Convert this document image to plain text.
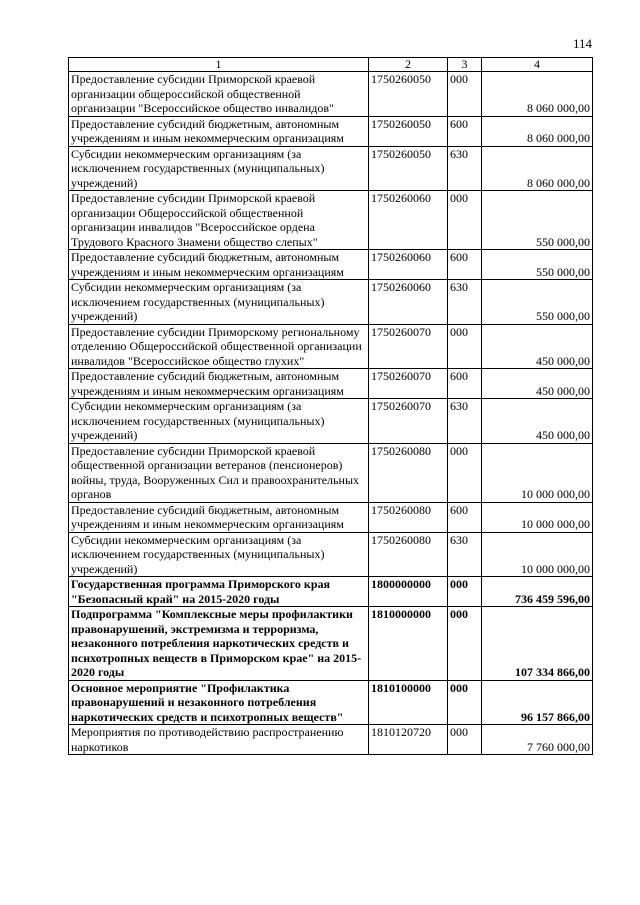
114
1	2	3	4
Предоставление субсидии Приморской краевой организации общероссийской общественной организации "Всероссийское общество инвалидов"	1750260050	000	8 060 000,00
Предоставление субсидий бюджетным, автономным учреждениям и иным некоммерческим организациям	1750260050	600	8 060 000,00
Субсидии некоммерческим организациям (за исключением государственных (муниципальных) учреждений)	1750260050	630	8 060 000,00
Предоставление субсидии Приморской краевой организации Общероссийской общественной организации инвалидов "Всероссийское ордена Трудового Красного Знамени общество слепых"	1750260060	000	550 000,00
Предоставление субсидий бюджетным, автономным учреждениям и иным некоммерческим организациям	1750260060	600	550 000,00
Субсидии некоммерческим организациям (за исключением государственных (муниципальных) учреждений)	1750260060	630	550 000,00
Предоставление субсидии Приморскому региональному отделению Общероссийской общественной организации инвалидов "Всероссийское общество глухих"	1750260070	000	450 000,00
Предоставление субсидий бюджетным, автономным учреждениям и иным некоммерческим организациям	1750260070	600	450 000,00
Субсидии некоммерческим организациям (за исключением государственных (муниципальных) учреждений)	1750260070	630	450 000,00
Предоставление субсидии Приморской краевой общественной организации ветеранов (пенсионеров) войны, труда, Вооруженных Сил и правоохранительных органов	1750260080	000	10 000 000,00
Предоставление субсидий бюджетным, автономным учреждениям и иным некоммерческим организациям	1750260080	600	10 000 000,00
Субсидии некоммерческим организациям (за исключением государственных (муниципальных) учреждений)	1750260080	630	10 000 000,00
Государственная программа Приморского края "Безопасный край" на 2015-2020 годы	1800000000	000	736 459 596,00
Подпрограмма "Комплексные меры профилактики правонарушений, экстремизма и терроризма, незаконного потребления наркотических средств и психотропных веществ в Приморском крае" на 2015-2020 годы	1810000000	000	107 334 866,00
Основное мероприятие "Профилактика правонарушений и незаконного потребления наркотических средств и психотропных веществ"	1810100000	000	96 157 866,00
Мероприятия по противодействию распространению наркотиков	1810120720	000	7 760 000,00
